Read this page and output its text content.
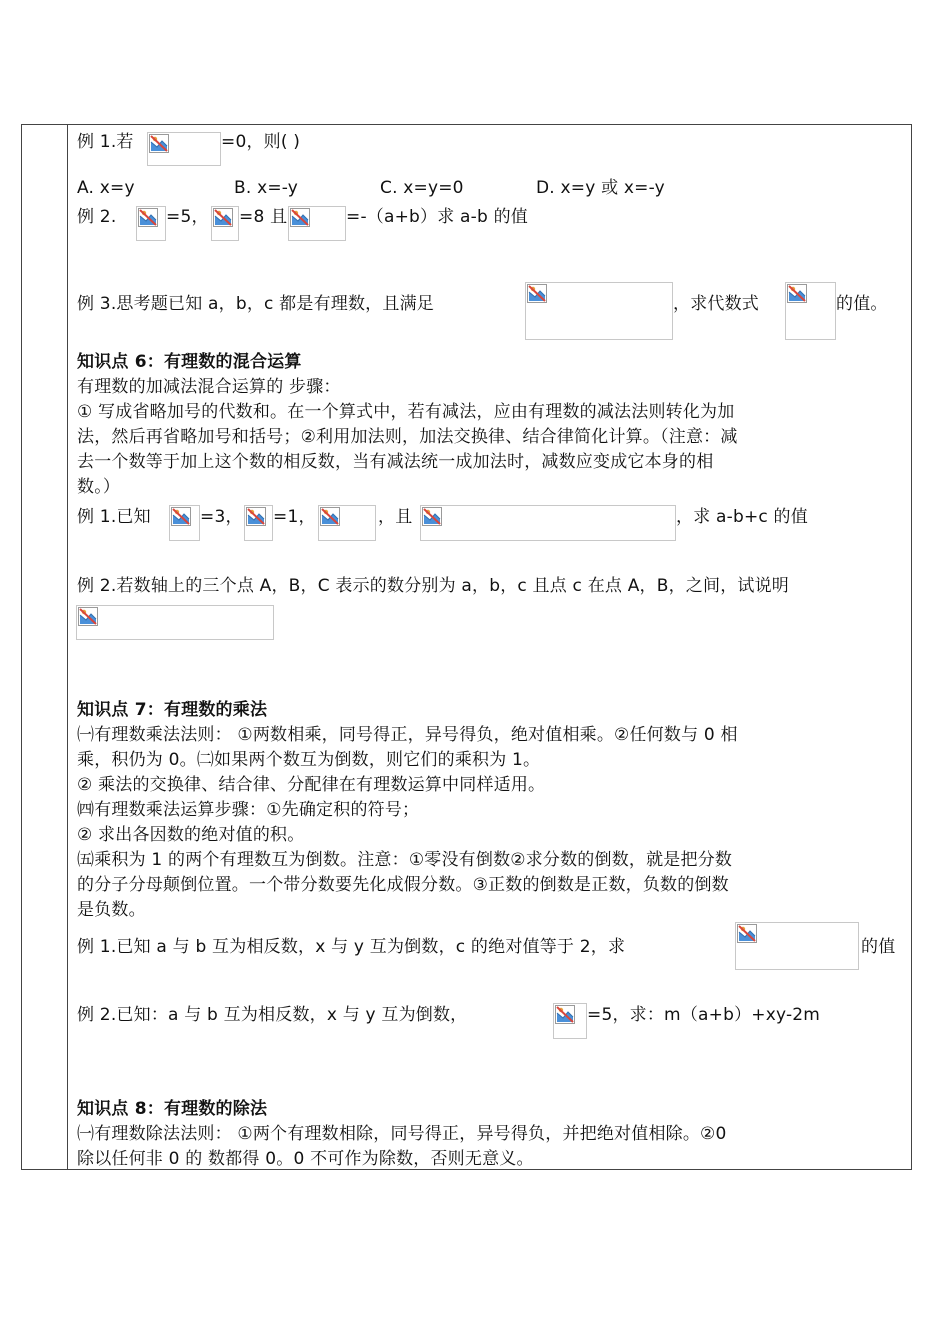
例 1.若	=0，则( )
A. x=y	B. x=-y	C. x=y=0	D. x=y 或 x=-y
例 2.	=5， =8 且	=-（a+b）求 a-b 的值
例 3.思考题已知 a，b，c 都是有理数，且满足	，求代数式	的值。
知识点 6：有理数的混合运算
有理数的加减法混合运算的 步骤：
① 写成省略加号的代数和。在一个算式中，若有减法，应由有理数的减法法则转化为加
法，然后再省略加号和括号；②利用加法则，加法交换律、结合律简化计算。（注意：减
去一个数等于加上这个数的相反数，当有减法统一成加法时，减数应变成它本身的相
数。）
例 1.已知	=3， =1，	，且	，求 a-b+c 的值
例 2.若数轴上的三个点 A，B，C 表示的数分别为 a，b，c 且点 c 在点 A，B，之间，试说明
知识点 7：有理数的乘法
㈠有理数乘法法则： ①两数相乘，同号得正，异号得负，绝对值相乘。②任何数与 0 相
乘，积仍为 0。㈡如果两个数互为倒数，则它们的乘积为 1。
② 乘法的交换律、结合律、分配律在有理数运算中同样适用。
㈣有理数乘法运算步骤：①先确定积的符号；
② 求出各因数的绝对值的积。
㈤乘积为 1 的两个有理数互为倒数。注意：①零没有倒数②求分数的倒数，就是把分数
的分子分母颠倒位置。一个带分数要先化成假分数。③正数的倒数是正数，负数的倒数
是负数。
例 1.已知 a 与 b 互为相反数，x 与 y 互为倒数，c 的绝对值等于 2，求	的值
例 2.已知：a 与 b 互为相反数，x 与 y 互为倒数，	=5，求：m（a+b）+xy-2m
知识点 8：有理数的除法
㈠有理数除法法则： ①两个有理数相除，同号得正，异号得负，并把绝对值相除。②0
除以任何非 0 的 数都得 0。0 不可作为除数，否则无意义。
